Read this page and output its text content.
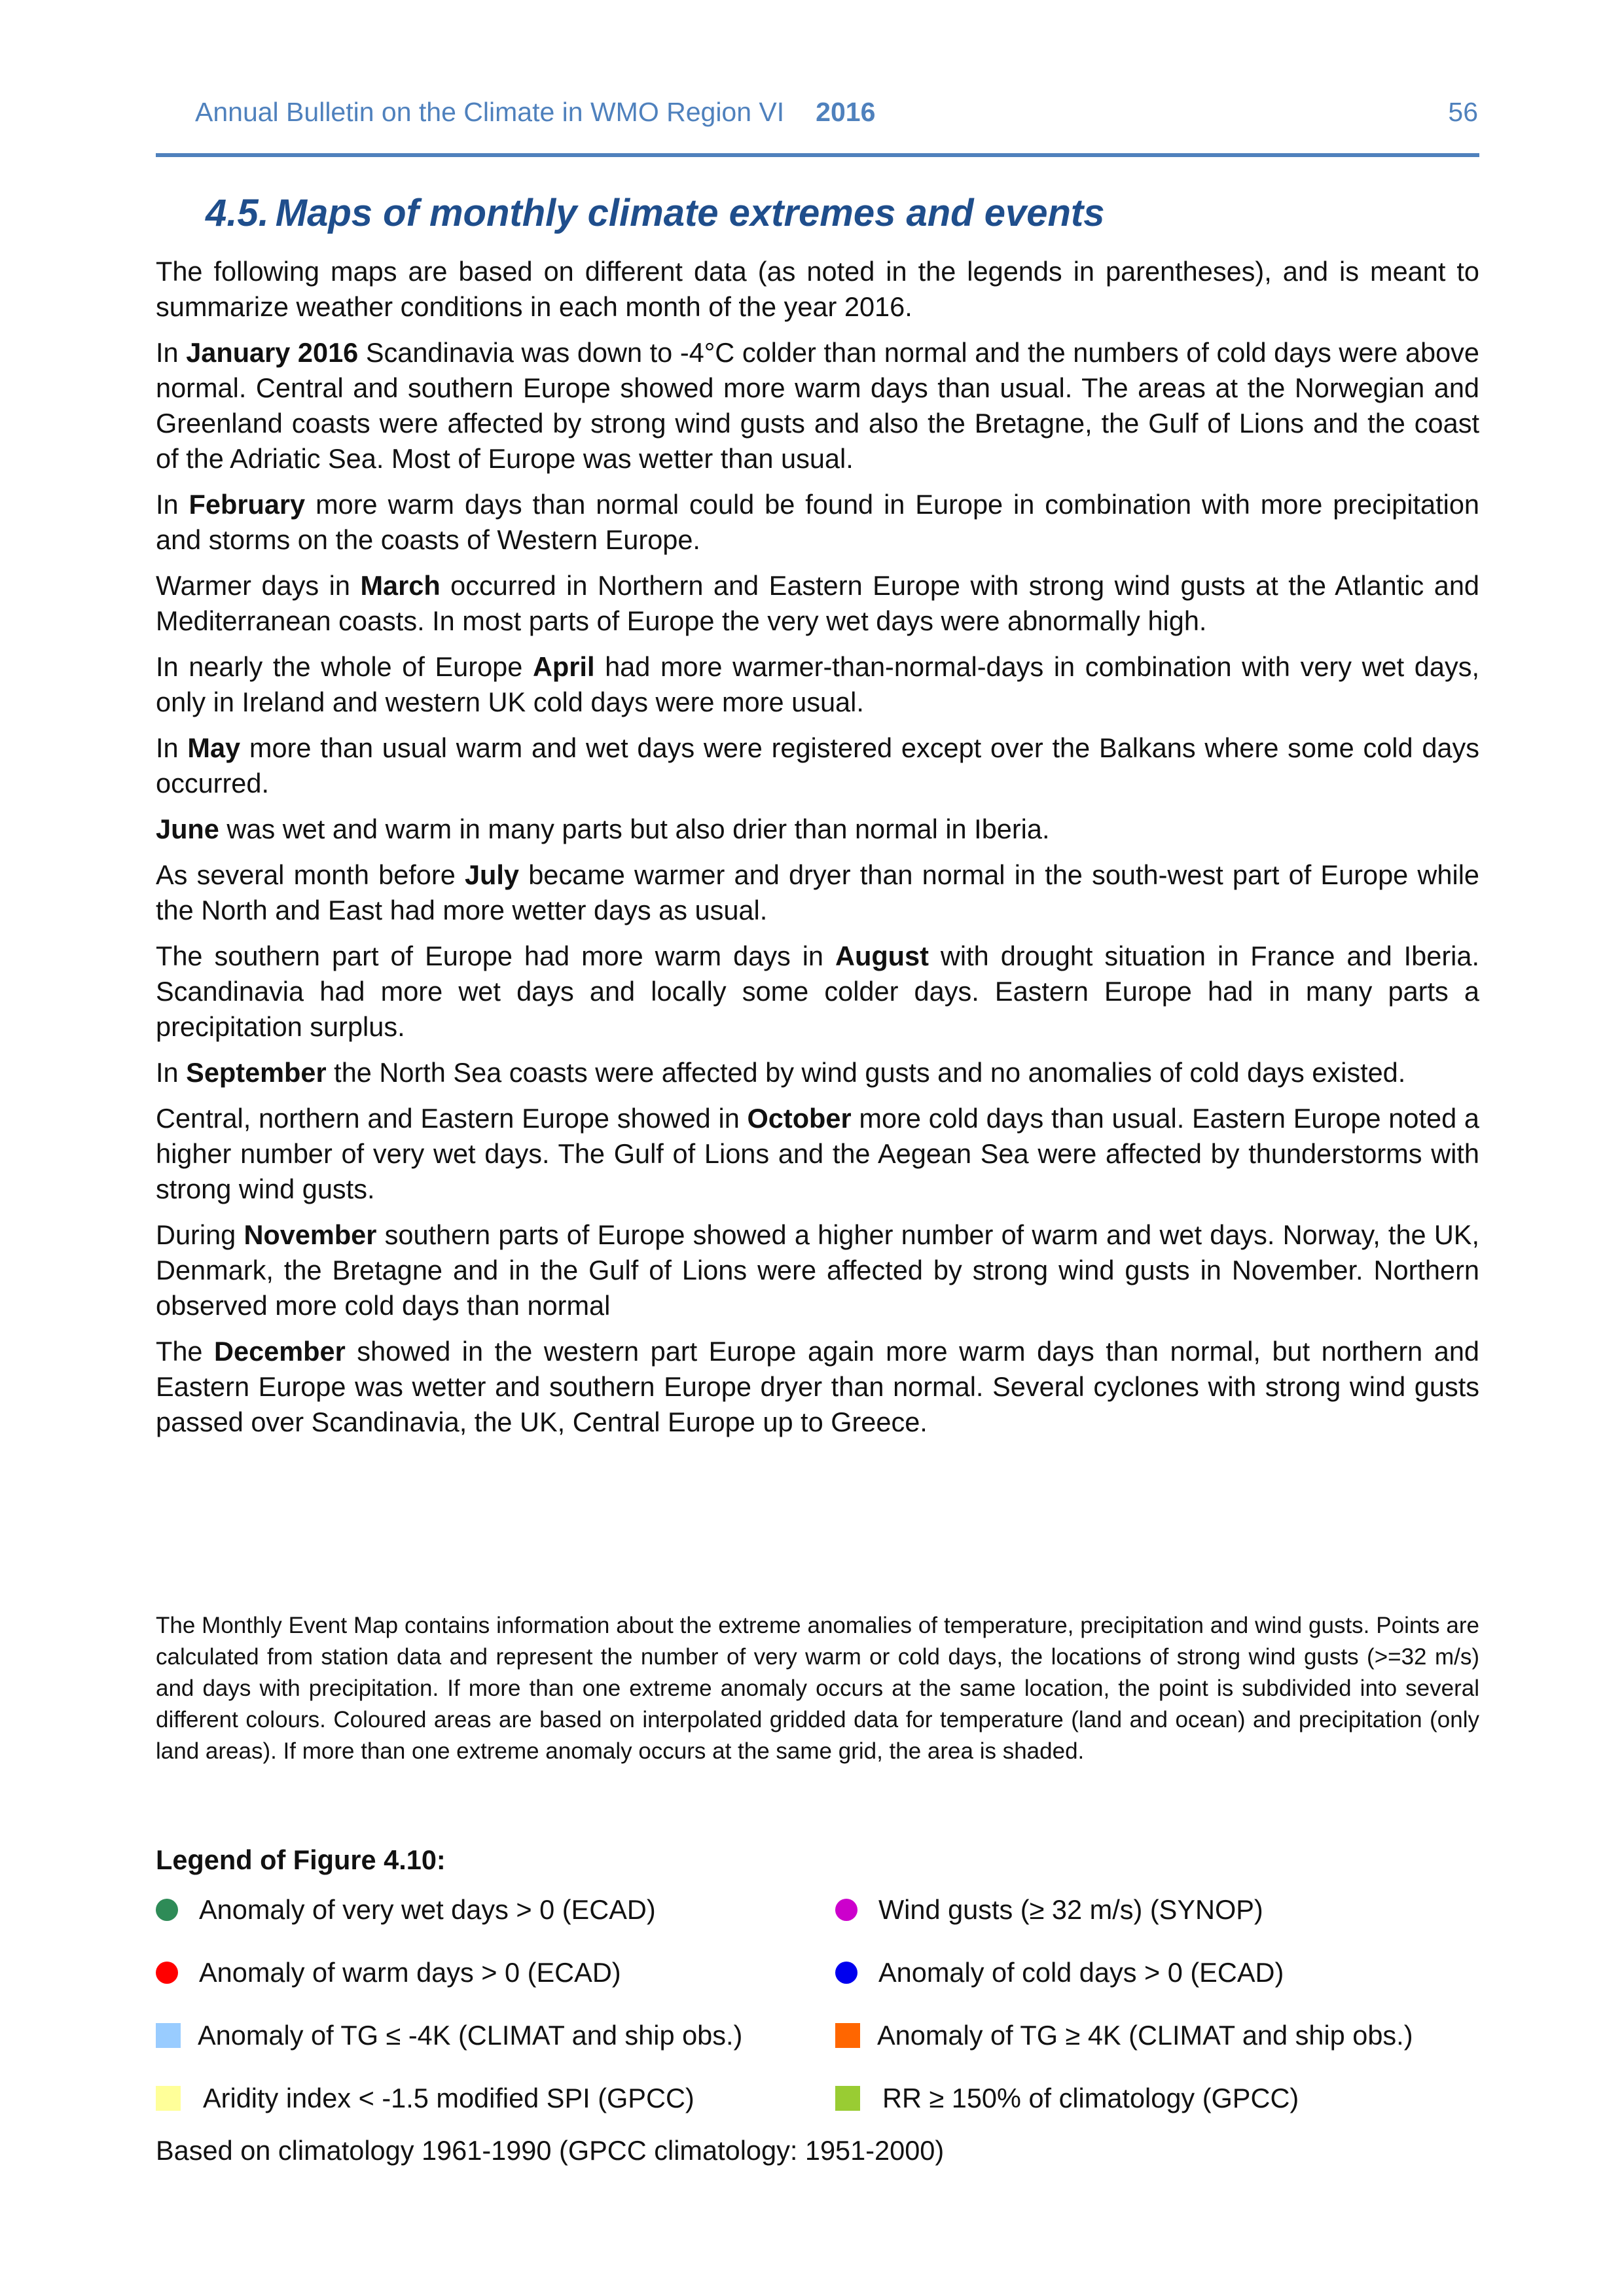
Annual Bulletin on the Climate in WMO Region VI 2016	56
4.5. Maps of monthly climate extremes and events

The following maps are based on different data (as noted in the legends in parentheses), and is meant to summarize weather conditions in each month of the year 2016.

In January 2016 Scandinavia was down to -4°C colder than normal and the numbers of cold days were above normal. Central and southern Europe showed more warm days than usual. The areas at the Norwegian and Greenland coasts were affected by strong wind gusts and also the Bretagne, the Gulf of Lions and the coast of the Adriatic Sea. Most of Europe was wetter than usual.

In February more warm days than normal could be found in Europe in combination with more precipitation and storms on the coasts of Western Europe.

Warmer days in March occurred in Northern and Eastern Europe with strong wind gusts at the Atlantic and Mediterranean coasts. In most parts of Europe the very wet days were abnormally high.

In nearly the whole of Europe April had more warmer-than-normal-days in combination with very wet days, only in Ireland and western UK cold days were more usual.

In May more than usual warm and wet days were registered except over the Balkans where some cold days occurred.

June was wet and warm in many parts but also drier than normal in Iberia.

As several month before July became warmer and dryer than normal in the south-west part of Europe while the North and East had more wetter days as usual.

The southern part of Europe had more warm days in August with drought situation in France and Iberia. Scandinavia had more wet days and locally some colder days. Eastern Europe had in many parts a precipitation surplus.

In September the North Sea coasts were affected by wind gusts and no anomalies of cold days existed.

Central, northern and Eastern Europe showed in October more cold days than usual. Eastern Europe noted a higher number of very wet days. The Gulf of Lions and the Aegean Sea were affected by thunderstorms with strong wind gusts.

During November southern parts of Europe showed a higher number of warm and wet days. Norway, the UK, Denmark, the Bretagne and in the Gulf of Lions were affected by strong wind gusts in November. Northern observed more cold days than normal

The December showed in the western part Europe again more warm days than normal, but northern and Eastern Europe was wetter and southern Europe dryer than normal. Several cyclones with strong wind gusts passed over Scandinavia, the UK, Central Europe up to Greece.

The Monthly Event Map contains information about the extreme anomalies of temperature, precipitation and wind gusts. Points are calculated from station data and represent the number of very warm or cold days, the locations of strong wind gusts (>=32 m/s) and days with precipitation. If more than one extreme anomaly occurs at the same location, the point is subdivided into several different colours. Coloured areas are based on interpolated gridded data for temperature (land and ocean) and precipitation (only land areas). If more than one extreme anomaly occurs at the same grid, the area is shaded.

Legend of Figure 4.10:
Anomaly of very wet days > 0 (ECAD)	Wind gusts (≥ 32 m/s) (SYNOP)
Anomaly of warm days > 0 (ECAD)	Anomaly of cold days > 0 (ECAD)
Anomaly of TG ≤ -4K (CLIMAT and ship obs.)	Anomaly of TG ≥ 4K (CLIMAT and ship obs.)
Aridity index < -1.5 modified SPI (GPCC)	RR ≥ 150% of climatology (GPCC)
Based on climatology 1961-1990 (GPCC climatology: 1951-2000)
